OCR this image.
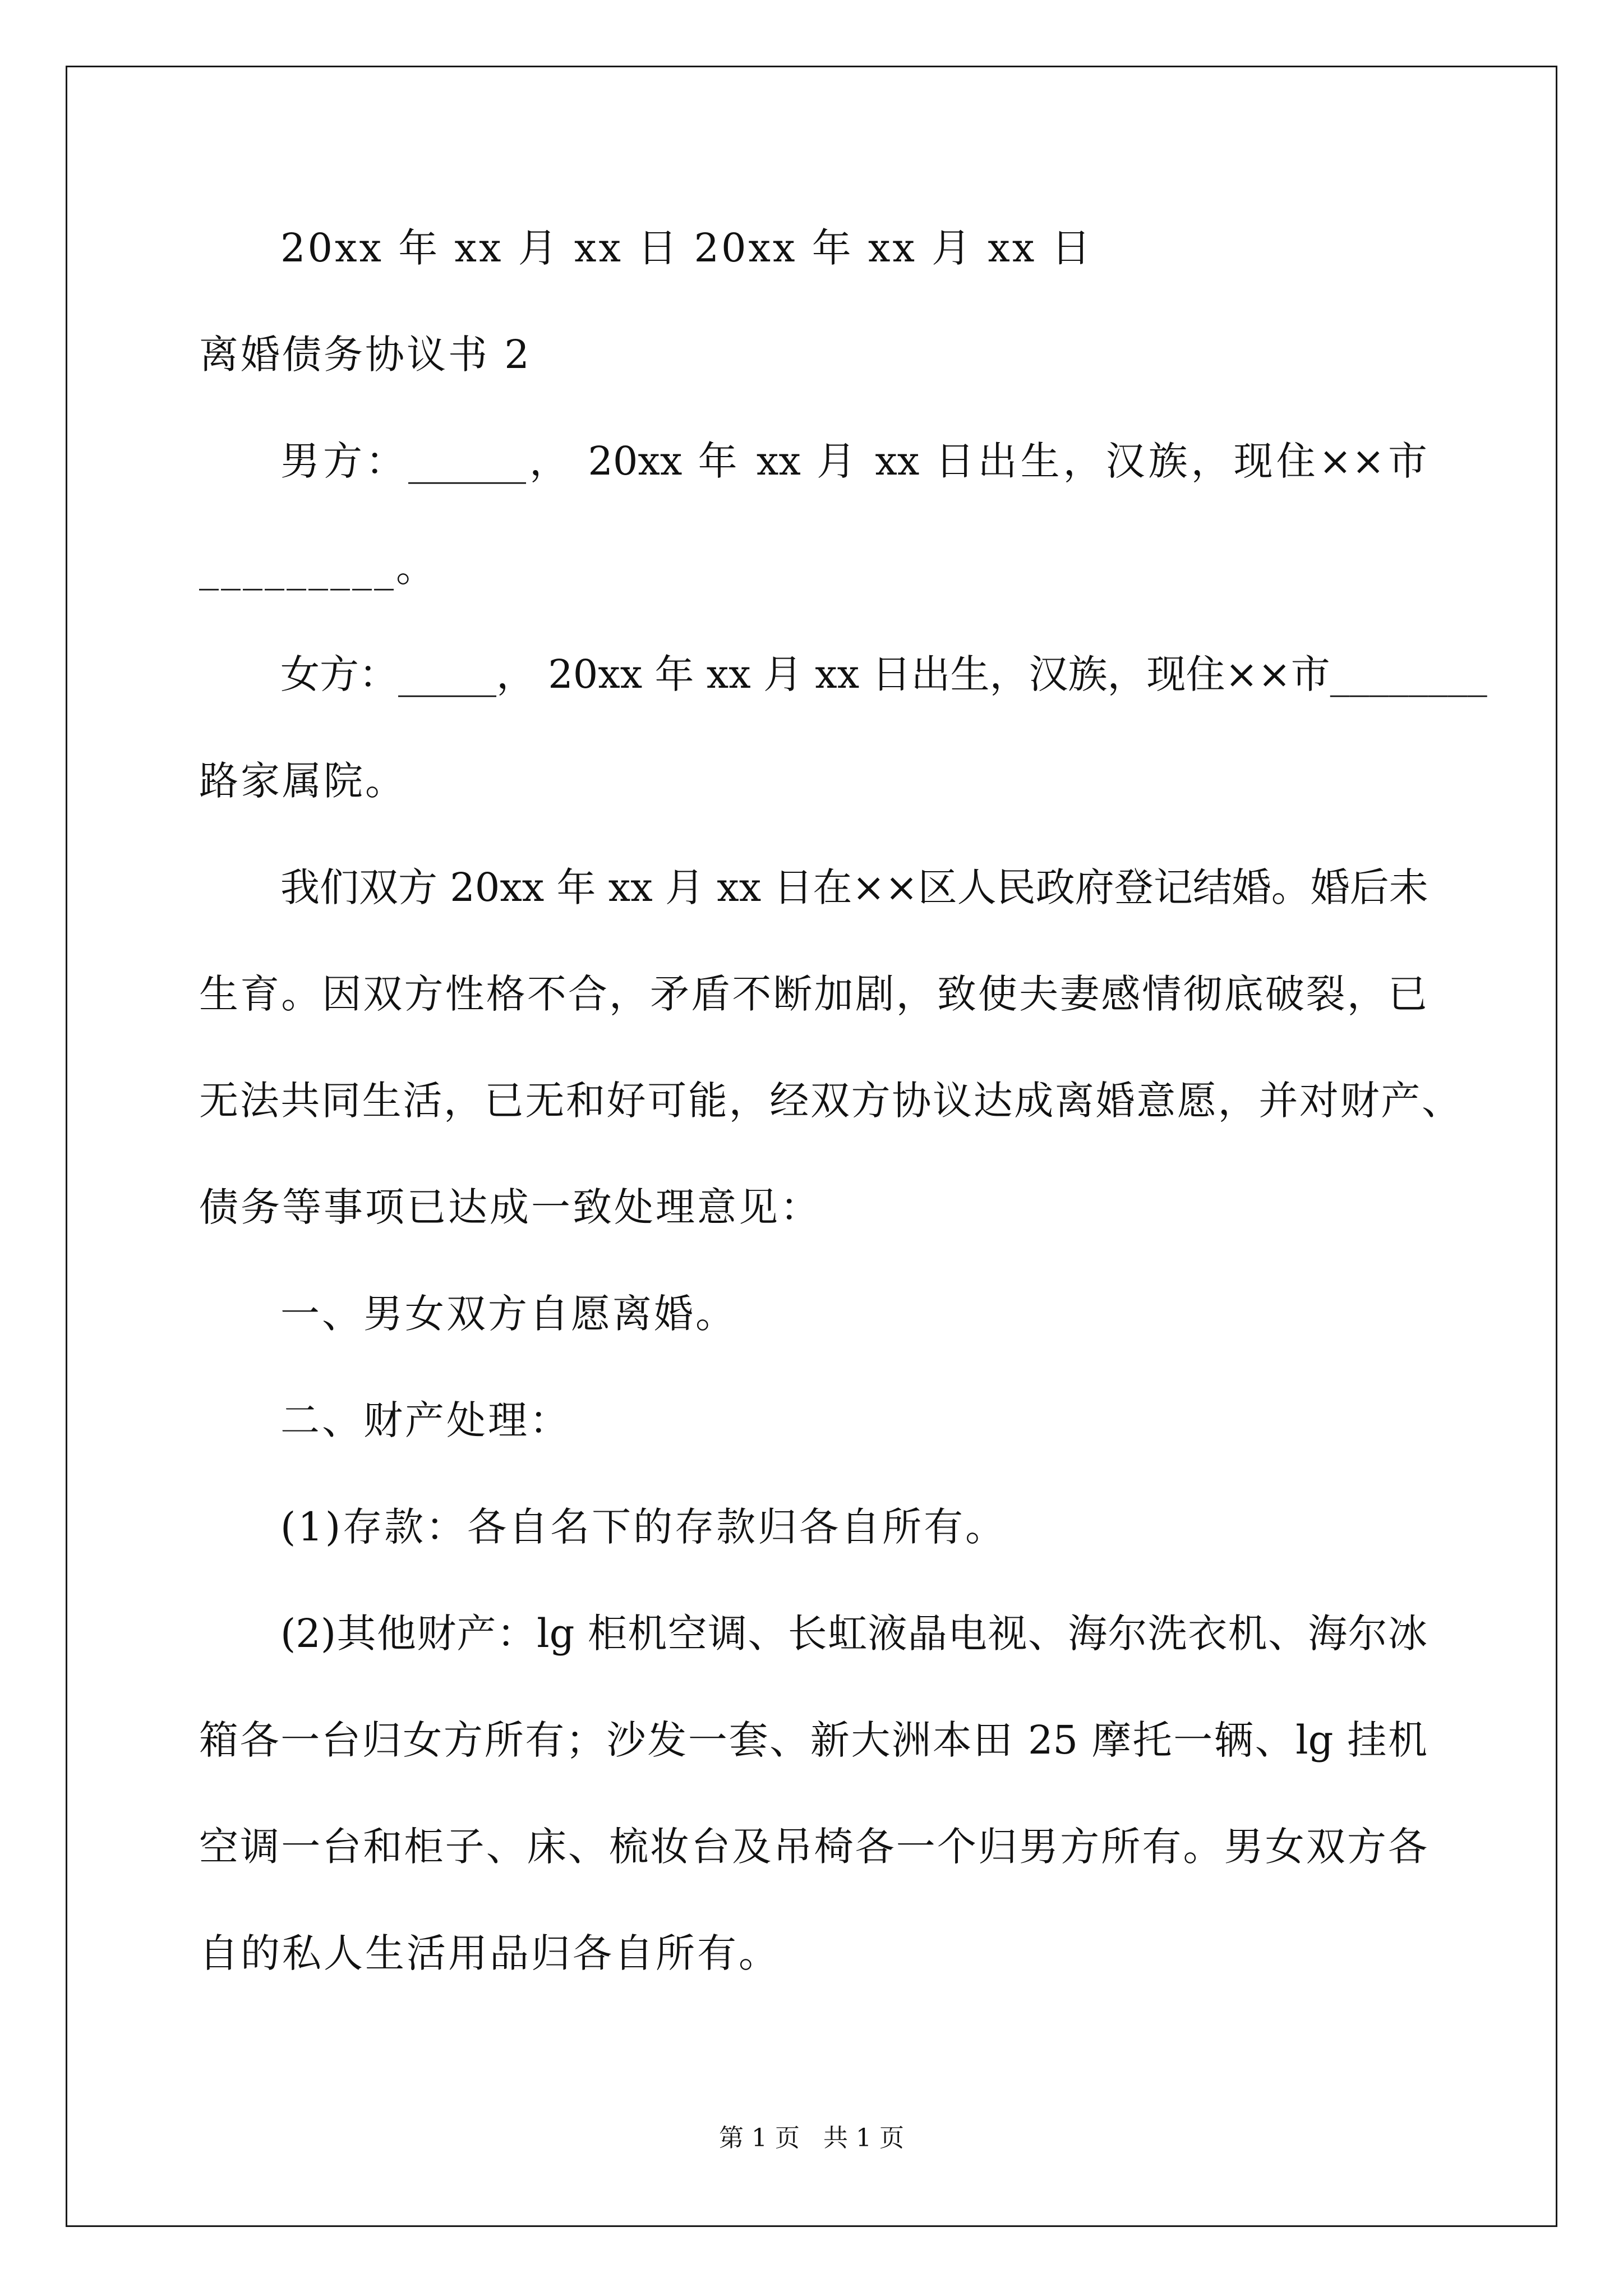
20xx 年 xx 月 xx 日 20xx 年 xx 月 xx 日
离婚债务协议书 2
男方：______， 20xx 年 xx 月 xx 日出生，汉族，现住××市
_________。
女方：_____， 20xx 年 xx 月 xx 日出生，汉族，现住××市________
路家属院。
我们双方 20xx 年 xx 月 xx 日在××区人民政府登记结婚。婚后未
生育。因双方性格不合，矛盾不断加剧，致使夫妻感情彻底破裂，已
无法共同生活，已无和好可能，经双方协议达成离婚意愿，并对财产、
债务等事项已达成一致处理意见：
一、男女双方自愿离婚。
二、财产处理：
(1)存款：各自名下的存款归各自所有。
(2)其他财产：lg 柜机空调、长虹液晶电视、海尔洗衣机、海尔冰
箱各一台归女方所有；沙发一套、新大洲本田 25 摩托一辆、lg 挂机
空调一台和柜子、床、梳妆台及吊椅各一个归男方所有。男女双方各
自的私人生活用品归各自所有。
第 1 页   共 1 页
